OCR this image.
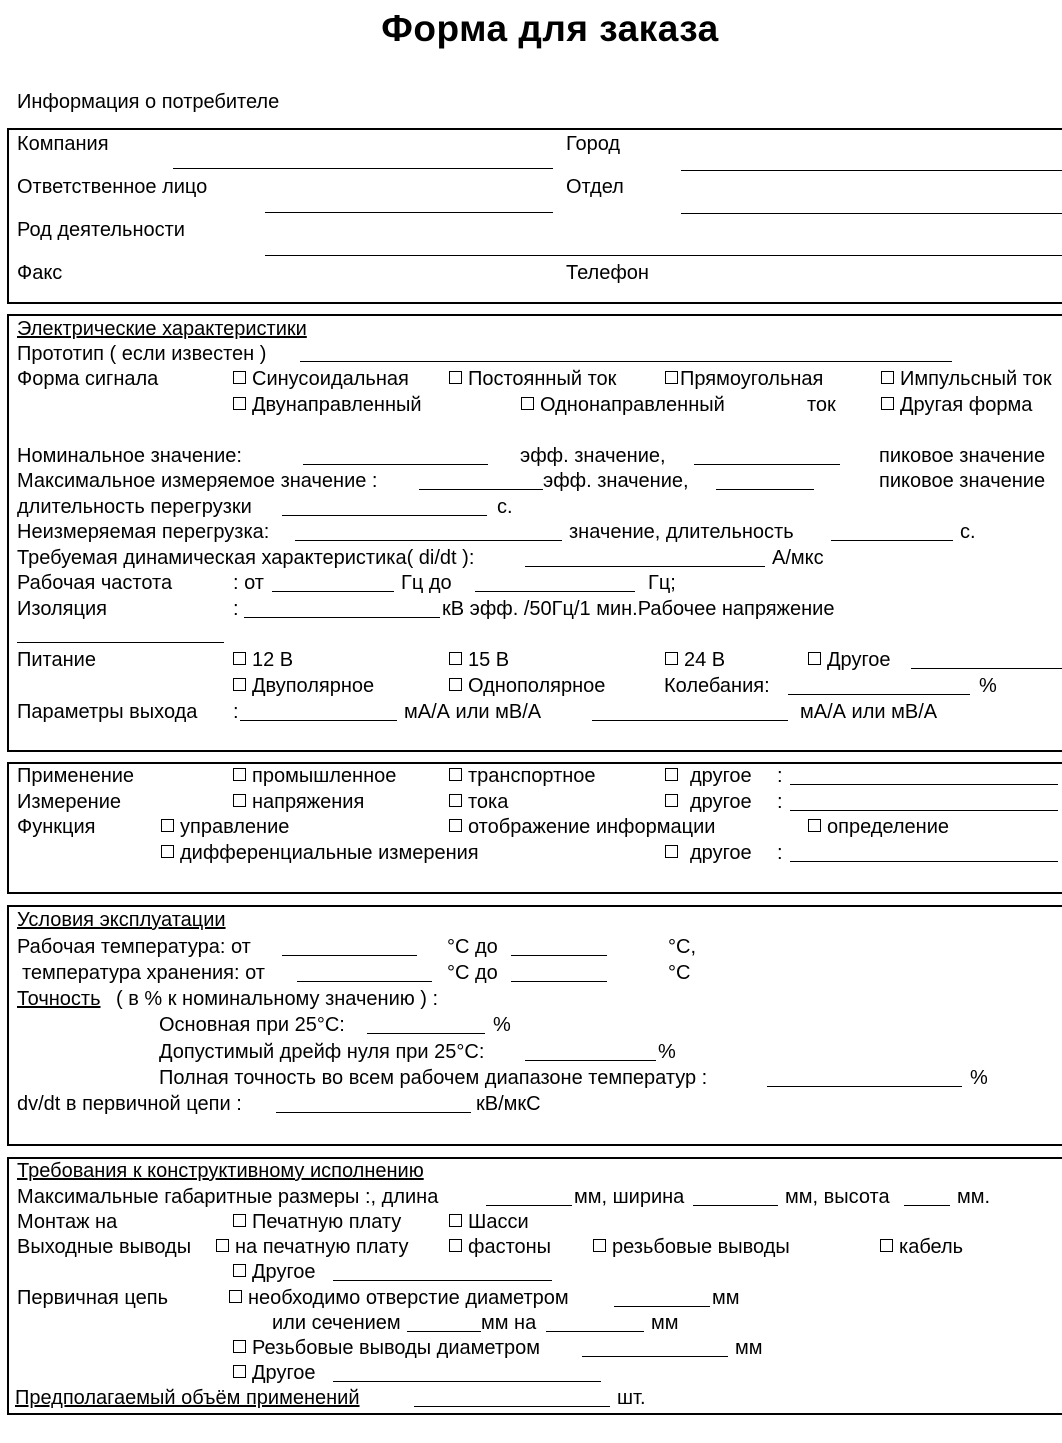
Форма для заказа
Информация о потребителе
Компания	Город
Ответственное лицо	Отдел
Род деятельности
Факс	Телефон
Электрические характеристики
Прототип ( если известен )
Форма сигнала	Синусоидальная	Постоянный ток	Прямоугольная	Импульсный ток
Двунаправленный	Однонаправленный	ток	Другая форма
Номинальное значение:	эфф. значение,	пиковое значение
Максимальное измеряемое значение :	эфф. значение,	пиковое значение
длительность перегрузки	с.
Неизмеряемая перегрузка:	значение, длительность	с.
Требуемая динамическая характеристика( di/dt ):	А/мкс
Рабочая частота	: от	Гц до	Гц;
Изоляция	:	кВ эфф. /50Гц/1 мин.Рабочее напряжение
Питание	12 В	15 В	24 В	Другое
Двуполярное	Однополярное	Колебания:	%
Параметры выхода :	мА/А или мВ/А	мА/А или мВ/А
Применение	промышленное	транспортное	другое :
Измерение	напряжения	тока	другое :
Функция	управление	отображение информации	определение
дифференциальные измерения	другое :
Условия эксплуатации
Рабочая температура: от	°С до	°С,
температура хранения: от	°С до	°С
Точность ( в % к номинальному значению ) :
Основная при 25°С:	%
Допустимый дрейф нуля при 25°С:	%
Полная точность во всем рабочем диапазоне температур :	%
dv/dt в первичной цепи :	кВ/мкС
Требования к конструктивному исполнению
Максимальные габаритные размеры :, длина	мм, ширина	мм, высота	мм.
Монтаж на	Печатную плату	Шасси
Выходные выводы	на печатную плату	фастоны	резьбовые выводы	кабель
Другое
Первичная цепь	необходимо отверстие диаметром	мм
или сечением	мм на	мм
Резьбовые выводы диаметром	мм
Другое
Предполагаемый объём применений	шт.
